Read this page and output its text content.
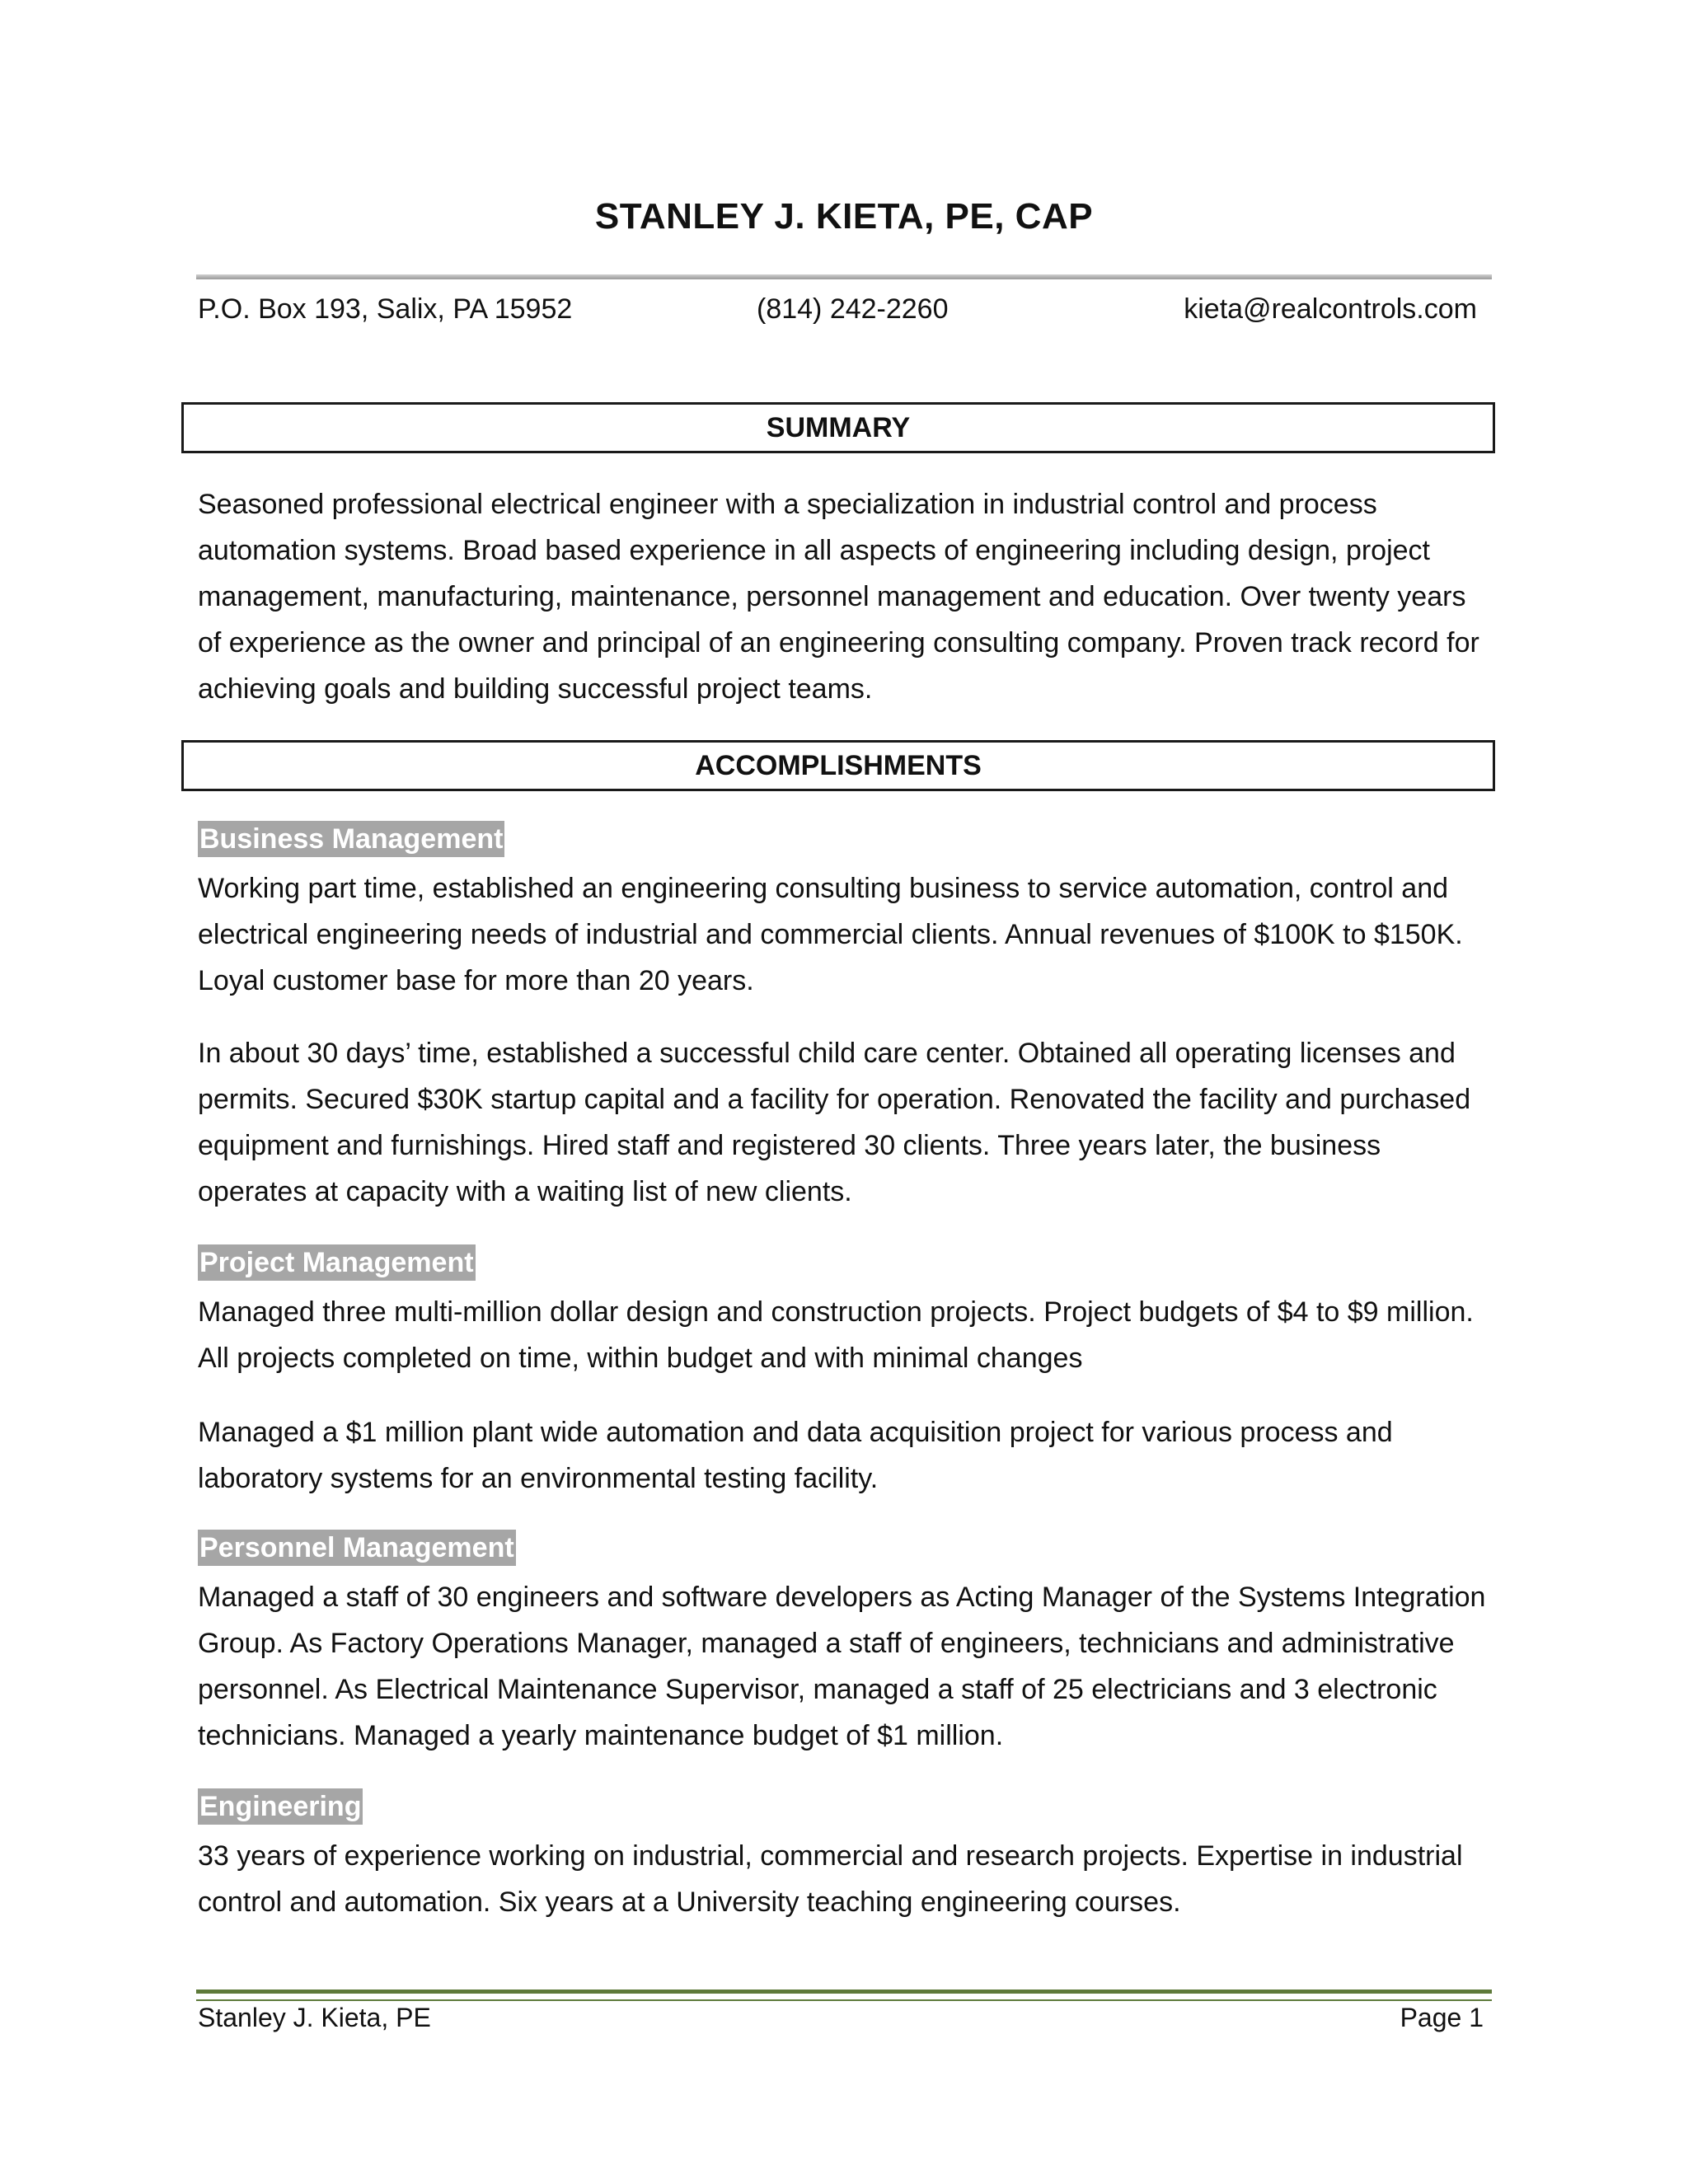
STANLEY J. KIETA, PE, CAP
P.O. Box 193, Salix, PA 15952	(814) 242-2260	kieta@realcontrols.com
SUMMARY

Seasoned professional electrical engineer with a specialization in industrial control and process automation systems. Broad based experience in all aspects of engineering including design, project management, manufacturing, maintenance, personnel management and education. Over twenty years of experience as the owner and principal of an engineering consulting company. Proven track record for achieving goals and building successful project teams.

ACCOMPLISHMENTS
Business Management

Working part time, established an engineering consulting business to service automation, control and electrical engineering needs of industrial and commercial clients. Annual revenues of $100K to $150K. Loyal customer base for more than 20 years.

In about 30 days’ time, established a successful child care center. Obtained all operating licenses and permits. Secured $30K startup capital and a facility for operation. Renovated the facility and purchased equipment and furnishings. Hired staff and registered 30 clients. Three years later, the business operates at capacity with a waiting list of new clients.

Project Management

Managed three multi-million dollar design and construction projects. Project budgets of $4 to $9 million. All projects completed on time, within budget and with minimal changes

Managed a $1 million plant wide automation and data acquisition project for various process and laboratory systems for an environmental testing facility.

Personnel Management

Managed a staff of 30 engineers and software developers as Acting Manager of the Systems Integration Group. As Factory Operations Manager, managed a staff of engineers, technicians and administrative personnel. As Electrical Maintenance Supervisor, managed a staff of 25 electricians and 3 electronic technicians. Managed a yearly maintenance budget of $1 million.

Engineering

33 years of experience working on industrial, commercial and research projects. Expertise in industrial control and automation. Six years at a University teaching engineering courses.

Stanley J. Kieta, PE	Page 1
